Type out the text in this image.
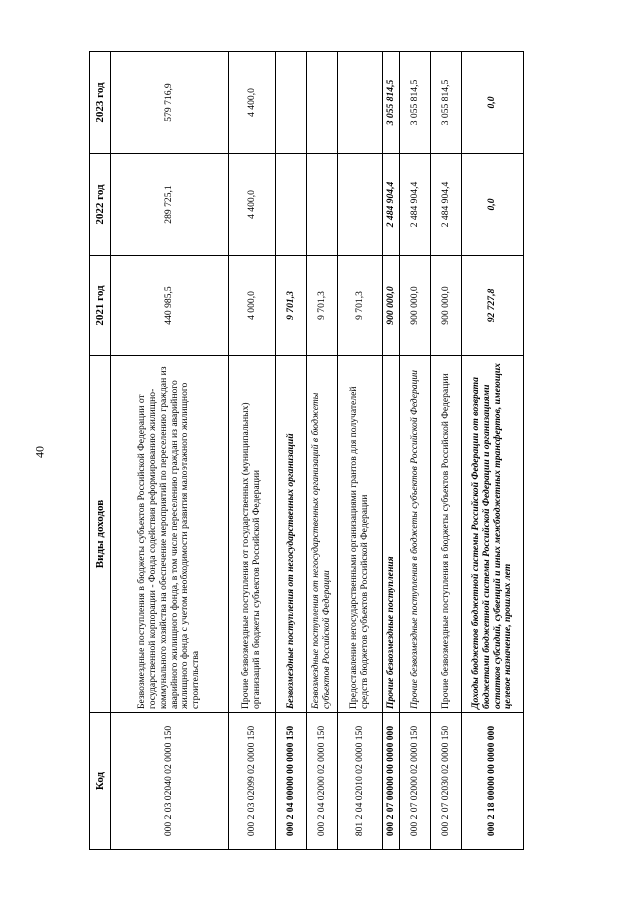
40
Код	Виды доходов	2021 год	2022 год	2023 год
000 2 03 02040 02 0000 150	Безвозмездные поступления в бюджеты субъектов Российской Федерации от государственной корпорации - Фонда содействия реформированию жилищно-коммунального хозяйства на обеспечение мероприятий по переселению граждан из аварийного жилищного фонда, в том числе переселению граждан из аварийного жилищного фонда с учетом необходимости развития малоэтажного жилищного строительства	440 985,5	289 725,1	579 716,9
000 2 03 02099 02 0000 150	Прочие безвозмездные поступления от государственных (муниципальных) организаций в бюджеты субъектов Российской Федерации	4 000,0	4 400,0	4 400,0
000 2 04 00000 00 0000 150	Безвозмездные поступления от негосударственных организаций	9 701,3		
000 2 04 02000 02 0000 150	Безвозмездные поступления от негосударственных организаций в бюджеты субъектов Российской Федерации	9 701,3		
801 2 04 02010 02 0000 150	Предоставление негосударственными организациями грантов для получателей средств бюджетов субъектов Российской Федерации	9 701,3		
000 2 07 00000 00 0000 000	Прочие безвозмездные поступления	900 000,0	2 484 904,4	3 055 814,5
000 2 07 02000 02 0000 150	Прочие безвозмездные поступления в бюджеты субъектов Российской Федерации	900 000,0	2 484 904,4	3 055 814,5
000 2 07 02030 02 0000 150	Прочие безвозмездные поступления в бюджеты субъектов Российской Федерации	900 000,0	2 484 904,4	3 055 814,5
000 2 18 00000 00 0000 000	Доходы бюджетов бюджетной системы Российской Федерации от возврата бюджетами бюджетной системы Российской Федерации и организациями остатков субсидий, субвенций и иных межбюджетных трансфертов, имеющих целевое назначение, прошлых лет	92 727,8	0,0	0,0
